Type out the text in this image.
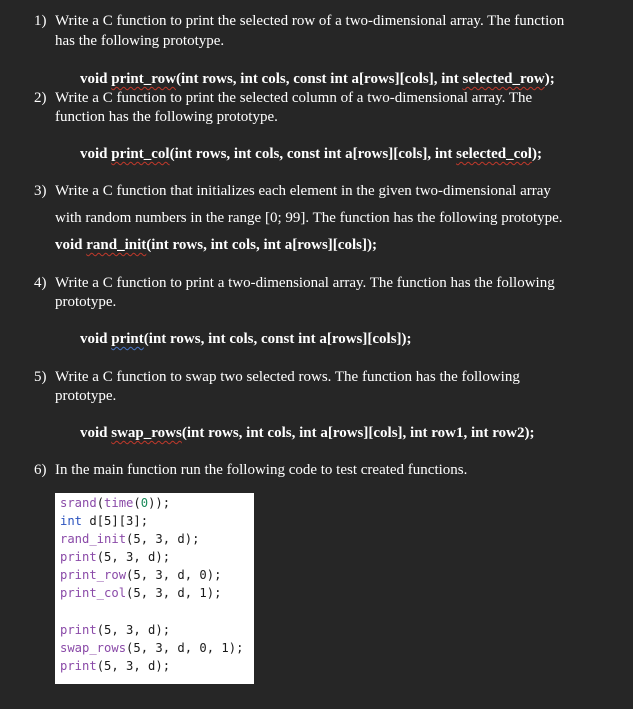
1) Write a C function to print the selected row of a two-dimensional array. The function
has the following prototype.
void print_row(int rows, int cols, const int a[rows][cols], int selected_row);
2) Write a C function to print the selected column of a two-dimensional array. The
function has the following prototype.
void print_col(int rows, int cols, const int a[rows][cols], int selected_col);
3) Write a C function that initializes each element in the given two-dimensional array
with random numbers in the range [0; 99]. The function has the following prototype.
void rand_init(int rows, int cols, int a[rows][cols]);
4) Write a C function to print a two-dimensional array. The function has the following
prototype.
void print(int rows, int cols, const int a[rows][cols]);
5) Write a C function to swap two selected rows. The function has the following
prototype.
void swap_rows(int rows, int cols, int a[rows][cols], int row1, int row2);
6) In the main function run the following code to test created functions.
srand(time(0));
int d[5][3];
rand_init(5, 3, d);
print(5, 3, d);
print_row(5, 3, d, 0);
print_col(5, 3, d, 1);
print(5, 3, d);
swap_rows(5, 3, d, 0, 1);
print(5, 3, d);
